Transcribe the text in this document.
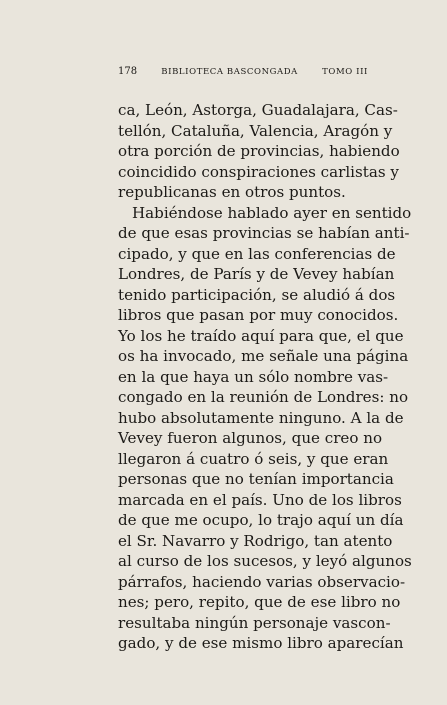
178	BIBLIOTECA BASCONGADA	TOMO III
ca, León, Astorga, Guadalajara, Cas-
tellón, Cataluña, Valencia, Aragón y
otra porción de provincias, habiendo
coincidido conspiraciones carlistas y
republicanas en otros puntos.
Habiéndose hablado ayer en sentido
de que esas provincias se habían anti-
cipado, y que en las conferencias de
Londres, de París y de Vevey habían
tenido participación, se aludió á dos
libros que pasan por muy conocidos.
Yo los he traído aquí para que, el que
os ha invocado, me señale una página
en la que haya un sólo nombre vas-
congado en la reunión de Londres: no
hubo absolutamente ninguno. A la de
Vevey fueron algunos, que creo no
llegaron á cuatro ó seis, y que eran
personas que no tenían importancia
marcada en el país. Uno de los libros
de que me ocupo, lo trajo aquí un día
el Sr. Navarro y Rodrigo, tan atento
al curso de los sucesos, y leyó algunos
párrafos, haciendo varias observacio-
nes; pero, repito, que de ese libro no
resultaba ningún personaje vascon-
gado, y de ese mismo libro aparecían
